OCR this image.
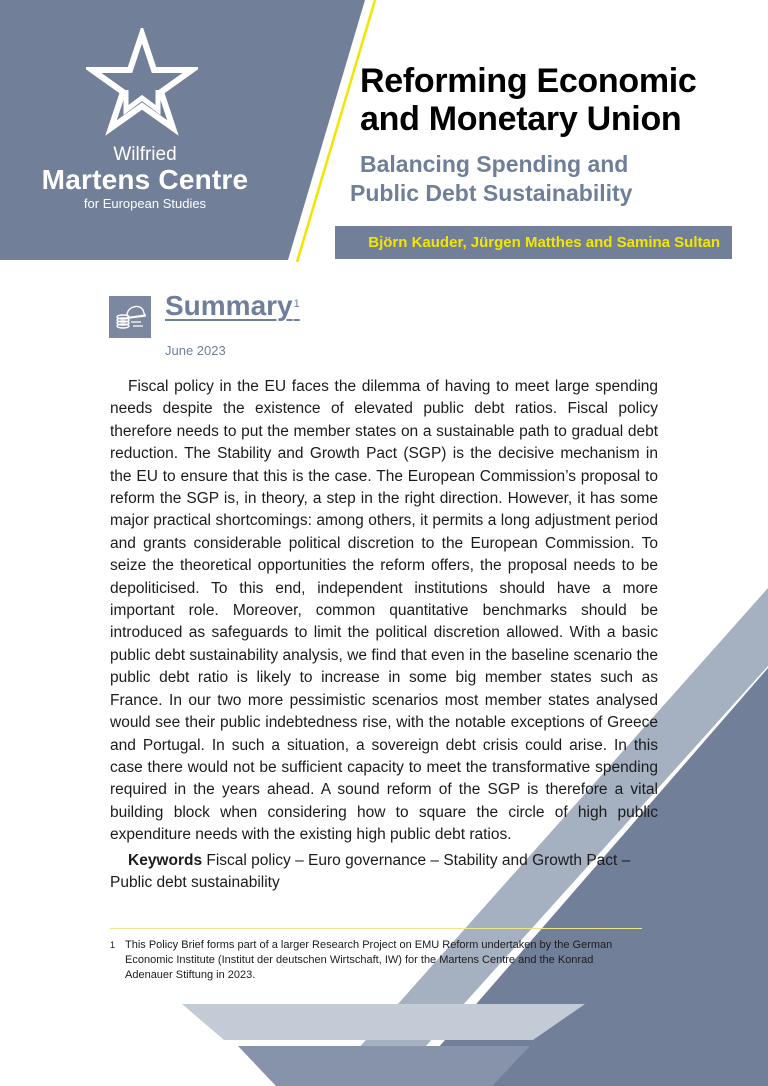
Wilfried
Martens Centre
for European Studies
Reforming Economic
and Monetary Union
Balancing Spending and
Public Debt Sustainability
Björn Kauder, Jürgen Matthes and Samina Sultan
Summary$^1$
June 2023

Fiscal policy in the EU faces the dilemma of having to meet large spending needs despite the existence of elevated public debt ratios. Fiscal policy therefore needs to put the member states on a sustainable path to gradual debt reduction. The Stability and Growth Pact (SGP) is the decisive mechanism in the EU to ensure that this is the case. The European Commission’s proposal to reform the SGP is, in theory, a step in the right direction. However, it has some major practical shortcomings: among others, it permits a long adjustment period and grants considerable political discretion to the European Commission. To seize the theoretical opportunities the reform offers, the proposal needs to be depoliticised. To this end, independent institutions should have a more important role. Moreover, common quantitative benchmarks should be introduced as safeguards to limit the political discretion allowed. With a basic public debt sustainability analysis, we find that even in the baseline scenario the public debt ratio is likely to increase in some big member states such as France. In our two more pessimistic scenarios most member states analysed would see their public indebtedness rise, with the notable exceptions of Greece and Portugal. In such a situation, a sovereign debt crisis could arise. In this case there would not be sufficient capacity to meet the transformative spending required in the years ahead. A sound reform of the SGP is therefore a vital building block when considering how to square the circle of high public expenditure needs with the existing high public debt ratios.

Keywords Fiscal policy – Euro governance – Stability and Growth Pact – Public debt sustainability

1 This Policy Brief forms part of a larger Research Project on EMU Reform undertaken by the German Economic Institute (Institut der deutschen Wirtschaft, IW) for the Martens Centre and the Konrad Adenauer Stiftung in 2023.
